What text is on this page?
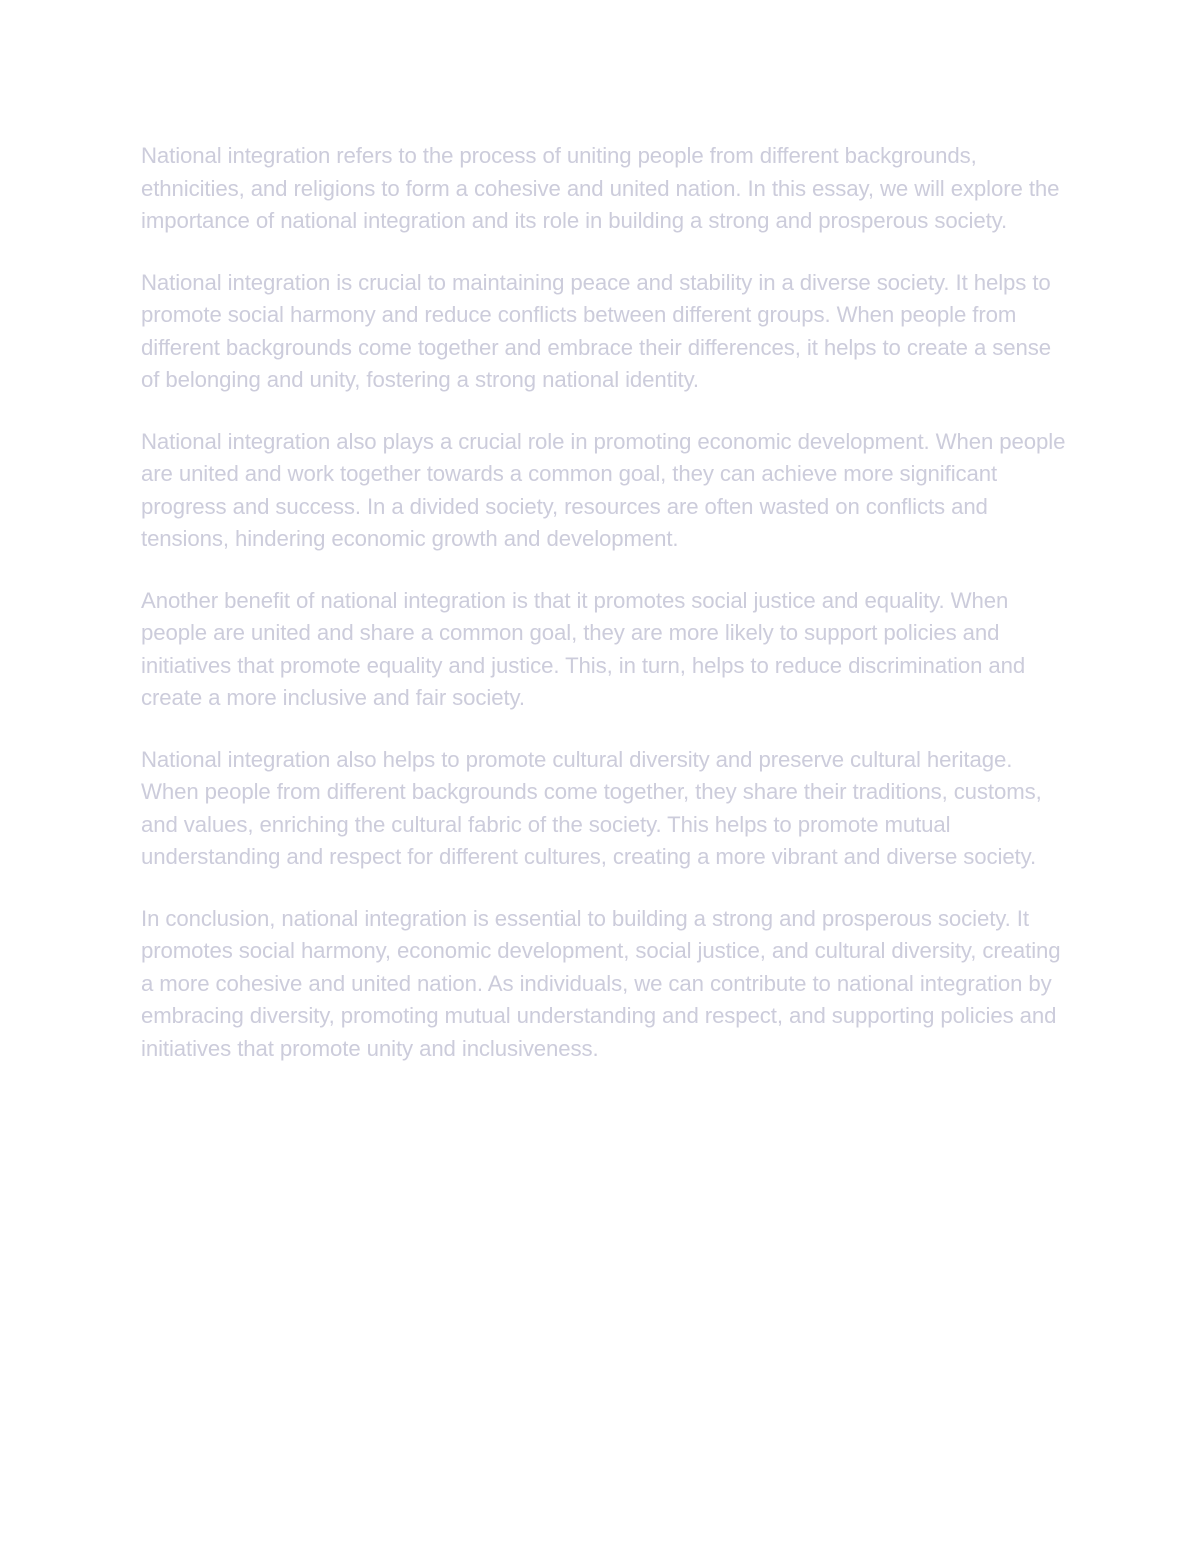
National integration refers to the process of uniting people from different backgrounds, ethnicities, and religions to form a cohesive and united nation. In this essay, we will explore the importance of national integration and its role in building a strong and prosperous society.

National integration is crucial to maintaining peace and stability in a diverse society. It helps to promote social harmony and reduce conflicts between different groups. When people from different backgrounds come together and embrace their differences, it helps to create a sense of belonging and unity, fostering a strong national identity.

National integration also plays a crucial role in promoting economic development. When people are united and work together towards a common goal, they can achieve more significant progress and success. In a divided society, resources are often wasted on conflicts and tensions, hindering economic growth and development.

Another benefit of national integration is that it promotes social justice and equality. When people are united and share a common goal, they are more likely to support policies and initiatives that promote equality and justice. This, in turn, helps to reduce discrimination and create a more inclusive and fair society.

National integration also helps to promote cultural diversity and preserve cultural heritage. When people from different backgrounds come together, they share their traditions, customs, and values, enriching the cultural fabric of the society. This helps to promote mutual understanding and respect for different cultures, creating a more vibrant and diverse society.

In conclusion, national integration is essential to building a strong and prosperous society. It promotes social harmony, economic development, social justice, and cultural diversity, creating a more cohesive and united nation. As individuals, we can contribute to national integration by embracing diversity, promoting mutual understanding and respect, and supporting policies and initiatives that promote unity and inclusiveness.
